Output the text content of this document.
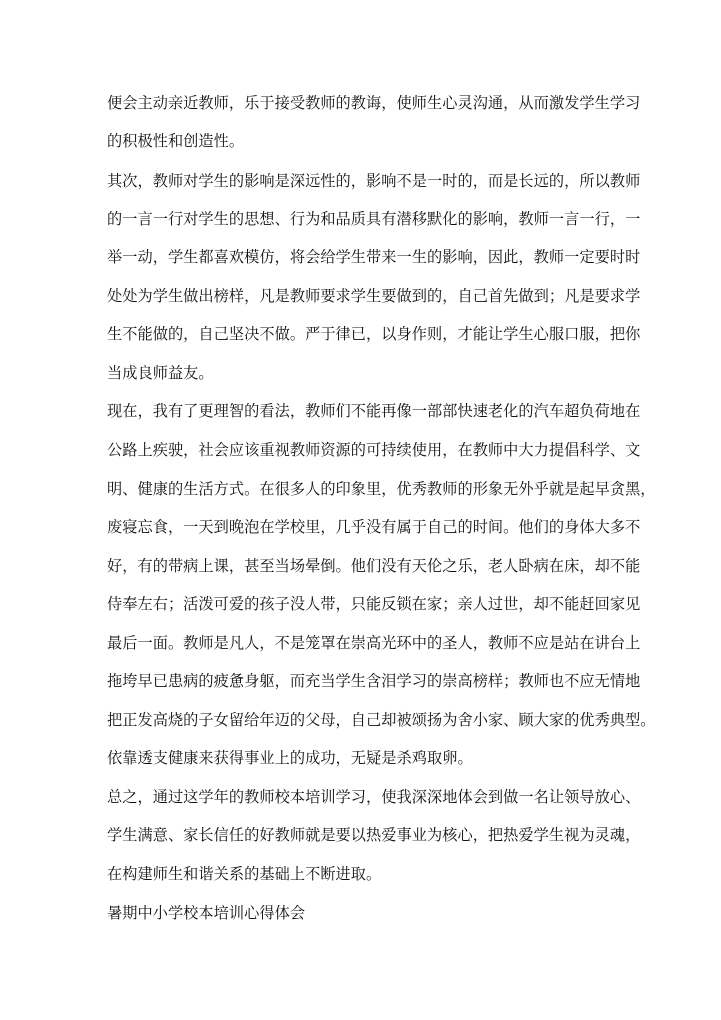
便会主动亲近教师，乐于接受教师的教诲，使师生心灵沟通，从而激发学生学习
的积极性和创造性。
其次，教师对学生的影响是深远性的，影响不是一时的，而是长远的，所以教师
的一言一行对学生的思想、行为和品质具有潜移默化的影响，教师一言一行，一
举一动，学生都喜欢模仿，将会给学生带来一生的影响，因此，教师一定要时时
处处为学生做出榜样，凡是教师要求学生要做到的，自己首先做到；凡是要求学
生不能做的，自己坚决不做。严于律已，以身作则，才能让学生心服口服，把你
当成良师益友。
现在，我有了更理智的看法，教师们不能再像一部部快速老化的汽车超负荷地在
公路上疾驶，社会应该重视教师资源的可持续使用，在教师中大力提倡科学、文
明、健康的生活方式。在很多人的印象里，优秀教师的形象无外乎就是起早贪黑，
废寝忘食，一天到晚泡在学校里，几乎没有属于自己的时间。他们的身体大多不
好，有的带病上课，甚至当场晕倒。他们没有天伦之乐，老人卧病在床，却不能
侍奉左右；活泼可爱的孩子没人带，只能反锁在家；亲人过世，却不能赶回家见
最后一面。教师是凡人，不是笼罩在崇高光环中的圣人，教师不应是站在讲台上
拖垮早已患病的疲惫身躯，而充当学生含泪学习的崇高榜样；教师也不应无情地
把正发高烧的子女留给年迈的父母，自己却被颂扬为舍小家、顾大家的优秀典型。
依靠透支健康来获得事业上的成功，无疑是杀鸡取卵。
总之，通过这学年的教师校本培训学习，使我深深地体会到做一名让领导放心、
学生满意、家长信任的好教师就是要以热爱事业为核心，把热爱学生视为灵魂，
在构建师生和谐关系的基础上不断进取。
暑期中小学校本培训心得体会
